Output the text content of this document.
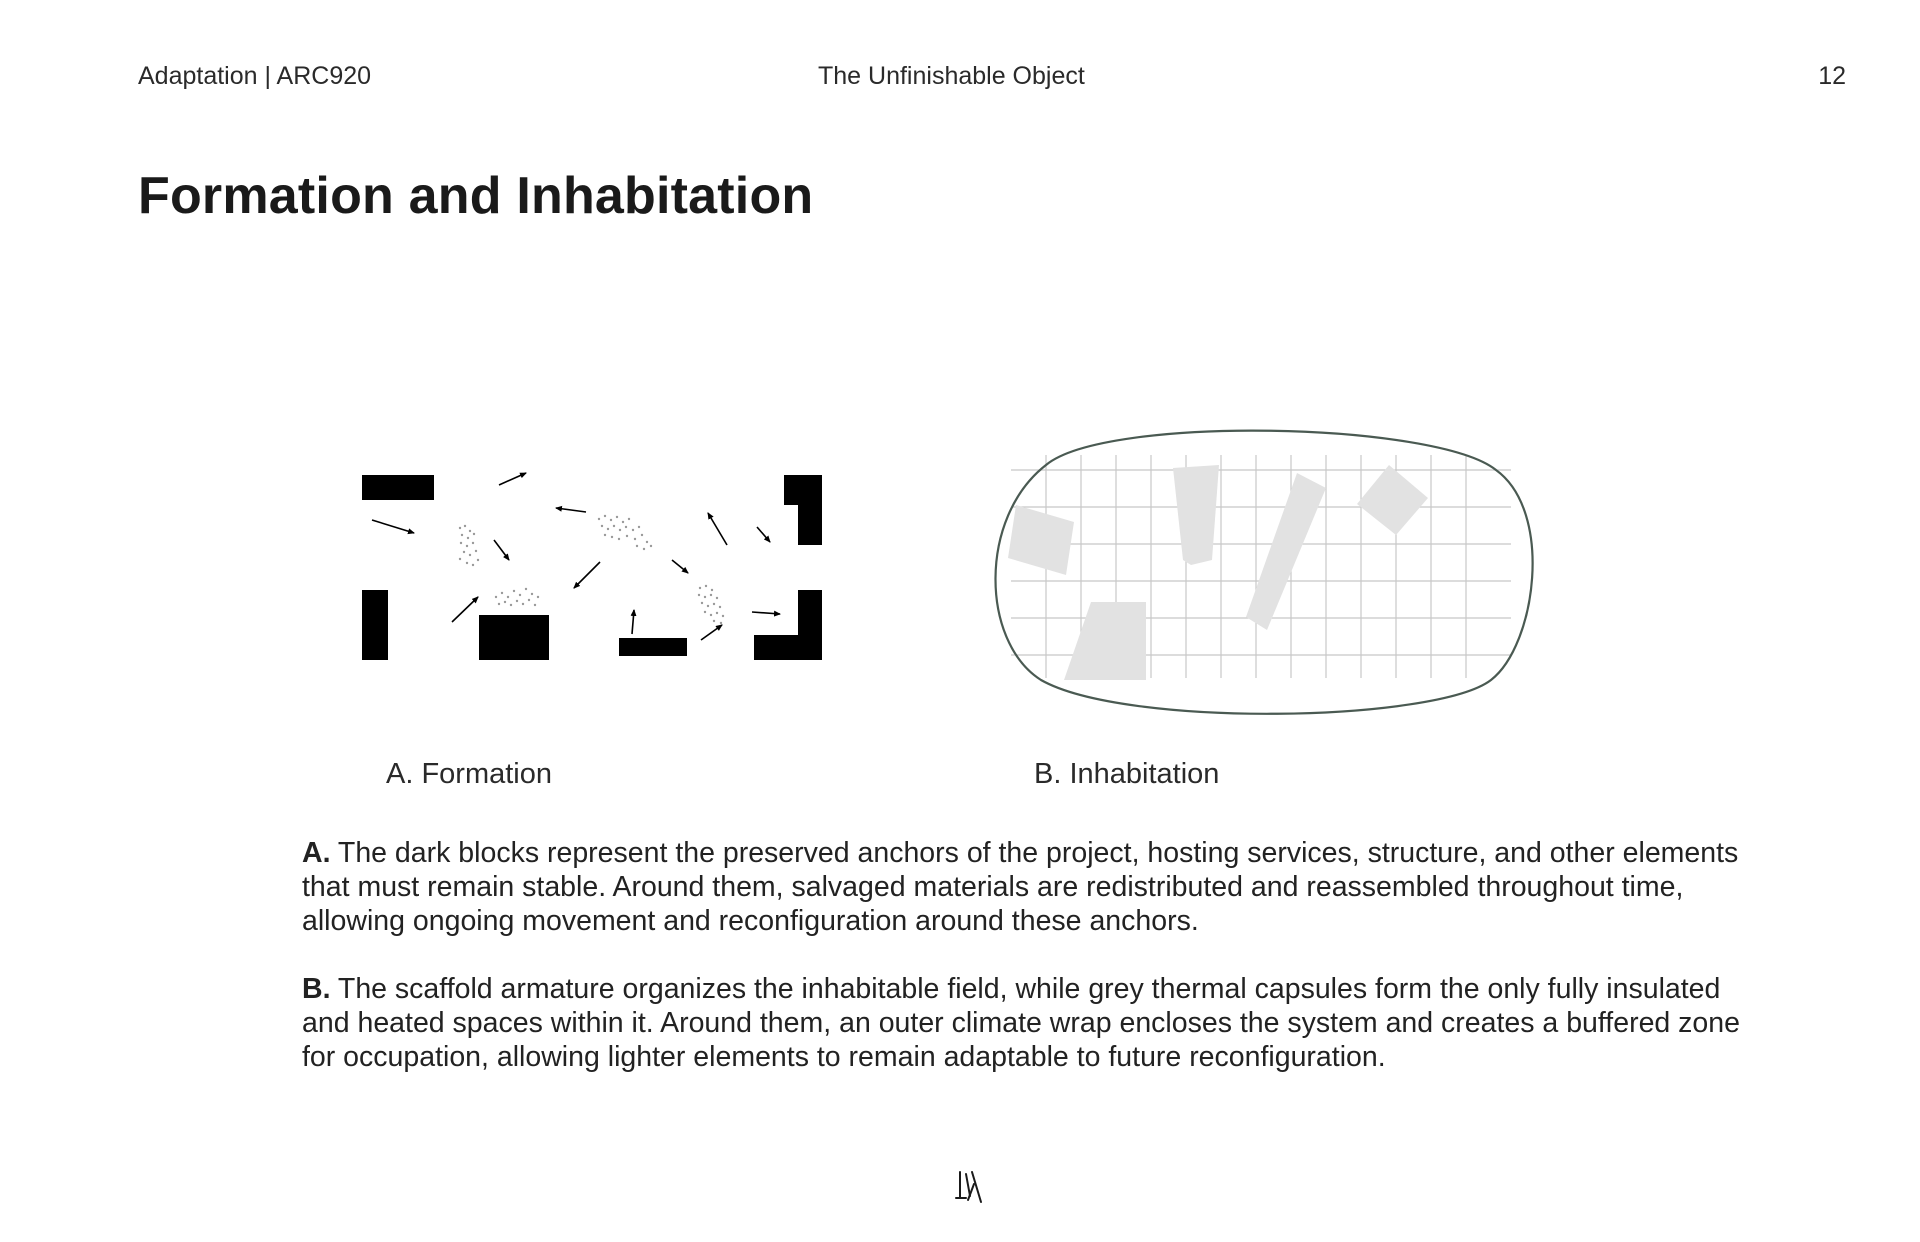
Adaptation | ARC920	The Unfinishable Object	12
Formation and Inhabitation
A. Formation	B. Inhabitation

A. The dark blocks represent the preserved anchors of the project, hosting services, structure, and other elements that must remain stable. Around them, salvaged materials are redistributed and reassembled throughout time, allowing ongoing movement and reconfiguration around these anchors.

B. The scaffold armature organizes the inhabitable field, while grey thermal capsules form the only fully insulated and heated spaces within it. Around them, an outer climate wrap encloses the system and creates a buffered zone for occupation, allowing lighter elements to remain adaptable to future reconfiguration.
